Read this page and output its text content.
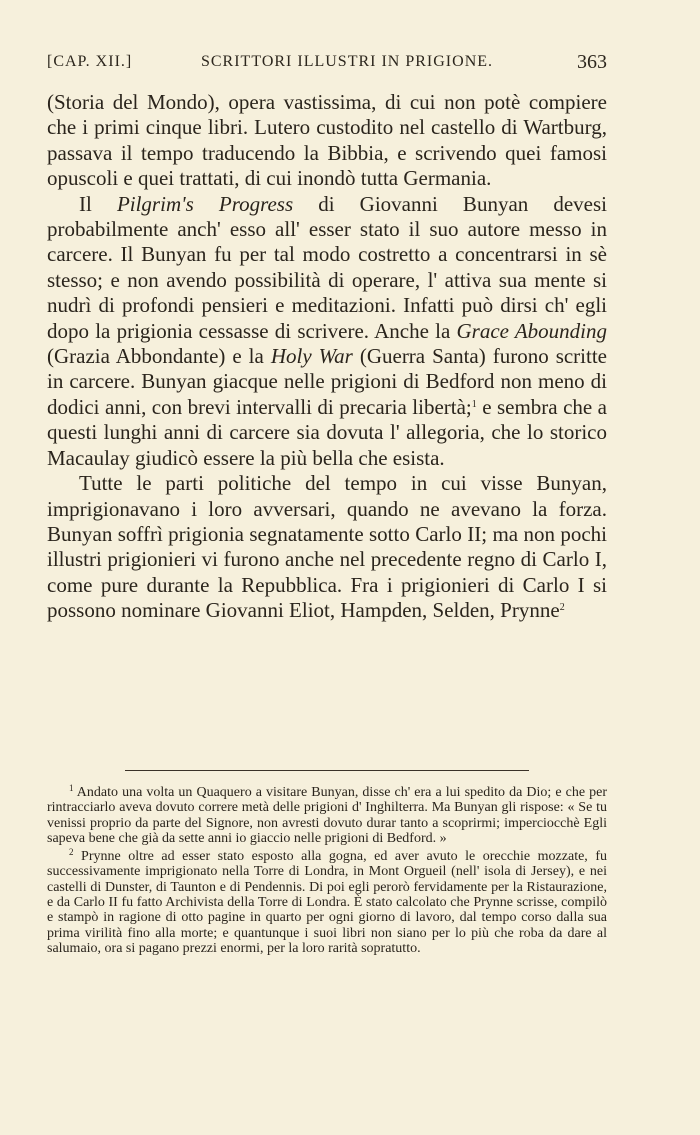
[CAP. XII.]	SCRITTORI ILLUSTRI IN PRIGIONE.	363

(Storia del Mondo), opera vastissima, di cui non potè compiere che i primi cinque libri. Lutero custodito nel castello di Wartburg, passava il tempo traducendo la Bibbia, e scrivendo quei famosi opuscoli e quei trattati, di cui inondò tutta Germania.

Il Pilgrim's Progress di Giovanni Bunyan devesi probabilmente anch' esso all' esser stato il suo autore messo in carcere. Il Bunyan fu per tal modo costretto a concentrarsi in sè stesso; e non avendo possibilità di operare, l' attiva sua mente si nudrì di profondi pensieri e meditazioni. Infatti può dirsi ch' egli dopo la prigionia cessasse di scrivere. Anche la Grace Abounding (Grazia Abbondante) e la Holy War (Guerra Santa) furono scritte in carcere. Bunyan giacque nelle prigioni di Bedford non meno di dodici anni, con brevi intervalli di precaria libertà;$^1$ e sembra che a questi lunghi anni di carcere sia dovuta l' allegoria, che lo storico Macaulay giudicò essere la più bella che esista.

Tutte le parti politiche del tempo in cui visse Bunyan, imprigionavano i loro avversari, quando ne avevano la forza. Bunyan soffrì prigionia segnatamente sotto Carlo II; ma non pochi illustri prigionieri vi furono anche nel precedente regno di Carlo I, come pure durante la Repubblica. Fra i prigionieri di Carlo I si possono nominare Giovanni Eliot, Hampden, Selden, Prynne$^2$

$^1$ Andato una volta un Quaquero a visitare Bunyan, disse ch' era a lui spedito da Dio; e che per rintracciarlo aveva dovuto correre metà delle prigioni d' Inghilterra. Ma Bunyan gli rispose: « Se tu venissi proprio da parte del Signore, non avresti dovuto durar tanto a scoprirmi; imperciocchè Egli sapeva bene che già da sette anni io giaccio nelle prigioni di Bedford. »

$^2$ Prynne oltre ad esser stato esposto alla gogna, ed aver avuto le orecchie mozzate, fu successivamente imprigionato nella Torre di Londra, in Mont Orgueil (nell' isola di Jersey), e nei castelli di Dunster, di Taunton e di Pendennis. Di poi egli perorò fervidamente per la Ristaurazione, e da Carlo II fu fatto Archivista della Torre di Londra. È stato calcolato che Prynne scrisse, compilò e stampò in ragione di otto pagine in quarto per ogni giorno di lavoro, dal tempo corso dalla sua prima virilità fino alla morte; e quantunque i suoi libri non siano per lo più che roba da dare al salumaio, ora si pagano prezzi enormi, per la loro rarità sopratutto.
